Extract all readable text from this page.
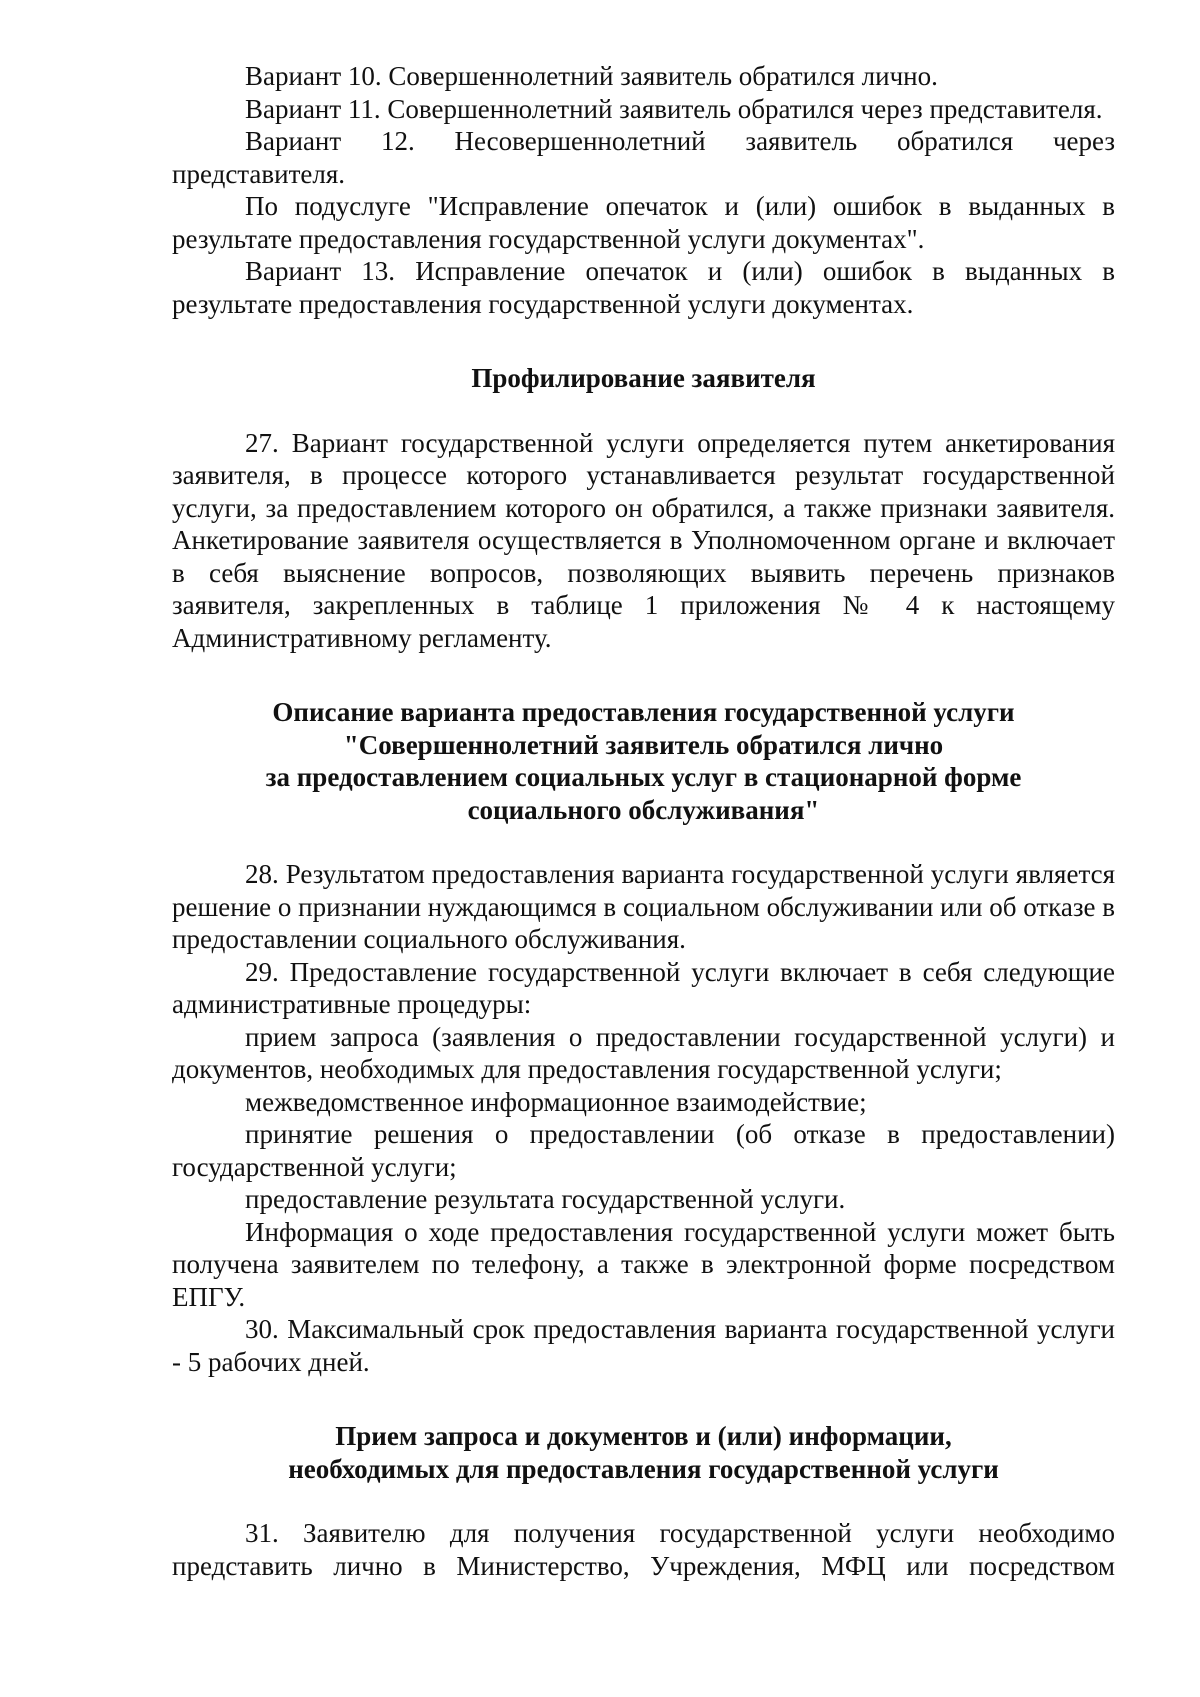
Вариант 10. Совершеннолетний заявитель обратился лично.

Вариант 11. Совершеннолетний заявитель обратился через представителя.

Вариант 12. Несовершеннолетний заявитель обратился через представителя.

По подуслуге "Исправление опечаток и (или) ошибок в выданных в результате предоставления государственной услуги документах".

Вариант 13. Исправление опечаток и (или) ошибок в выданных в результате предоставления государственной услуги документах.

Профилирование заявителя

27. Вариант государственной услуги определяется путем анкетирования заявителя, в процессе которого устанавливается результат государственной услуги, за предоставлением которого он обратился, а также признаки заявителя. Анкетирование заявителя осуществляется в Уполномоченном органе и включает в себя выяснение вопросов, позволяющих выявить перечень признаков заявителя, закрепленных в таблице 1 приложения № 4 к настоящему Административному регламенту.

Описание варианта предоставления государственной услуги
"Совершеннолетний заявитель обратился лично
за предоставлением социальных услуг в стационарной форме
социального обслуживания"

28. Результатом предоставления варианта государственной услуги является решение о признании нуждающимся в социальном обслуживании или об отказе в предоставлении социального обслуживания.

29. Предоставление государственной услуги включает в себя следующие административные процедуры:

прием запроса (заявления о предоставлении государственной услуги) и документов, необходимых для предоставления государственной услуги;

межведомственное информационное взаимодействие;

принятие решения о предоставлении (об отказе в предоставлении) государственной услуги;

предоставление результата государственной услуги.

Информация о ходе предоставления государственной услуги может быть получена заявителем по телефону, а также в электронной форме посредством ЕПГУ.

30. Максимальный срок предоставления варианта государственной услуги - 5 рабочих дней.

Прием запроса и документов и (или) информации,
необходимых для предоставления государственной услуги

31. Заявителю для получения государственной услуги необходимо представить лично в Министерство, Учреждения, МФЦ или посредством
